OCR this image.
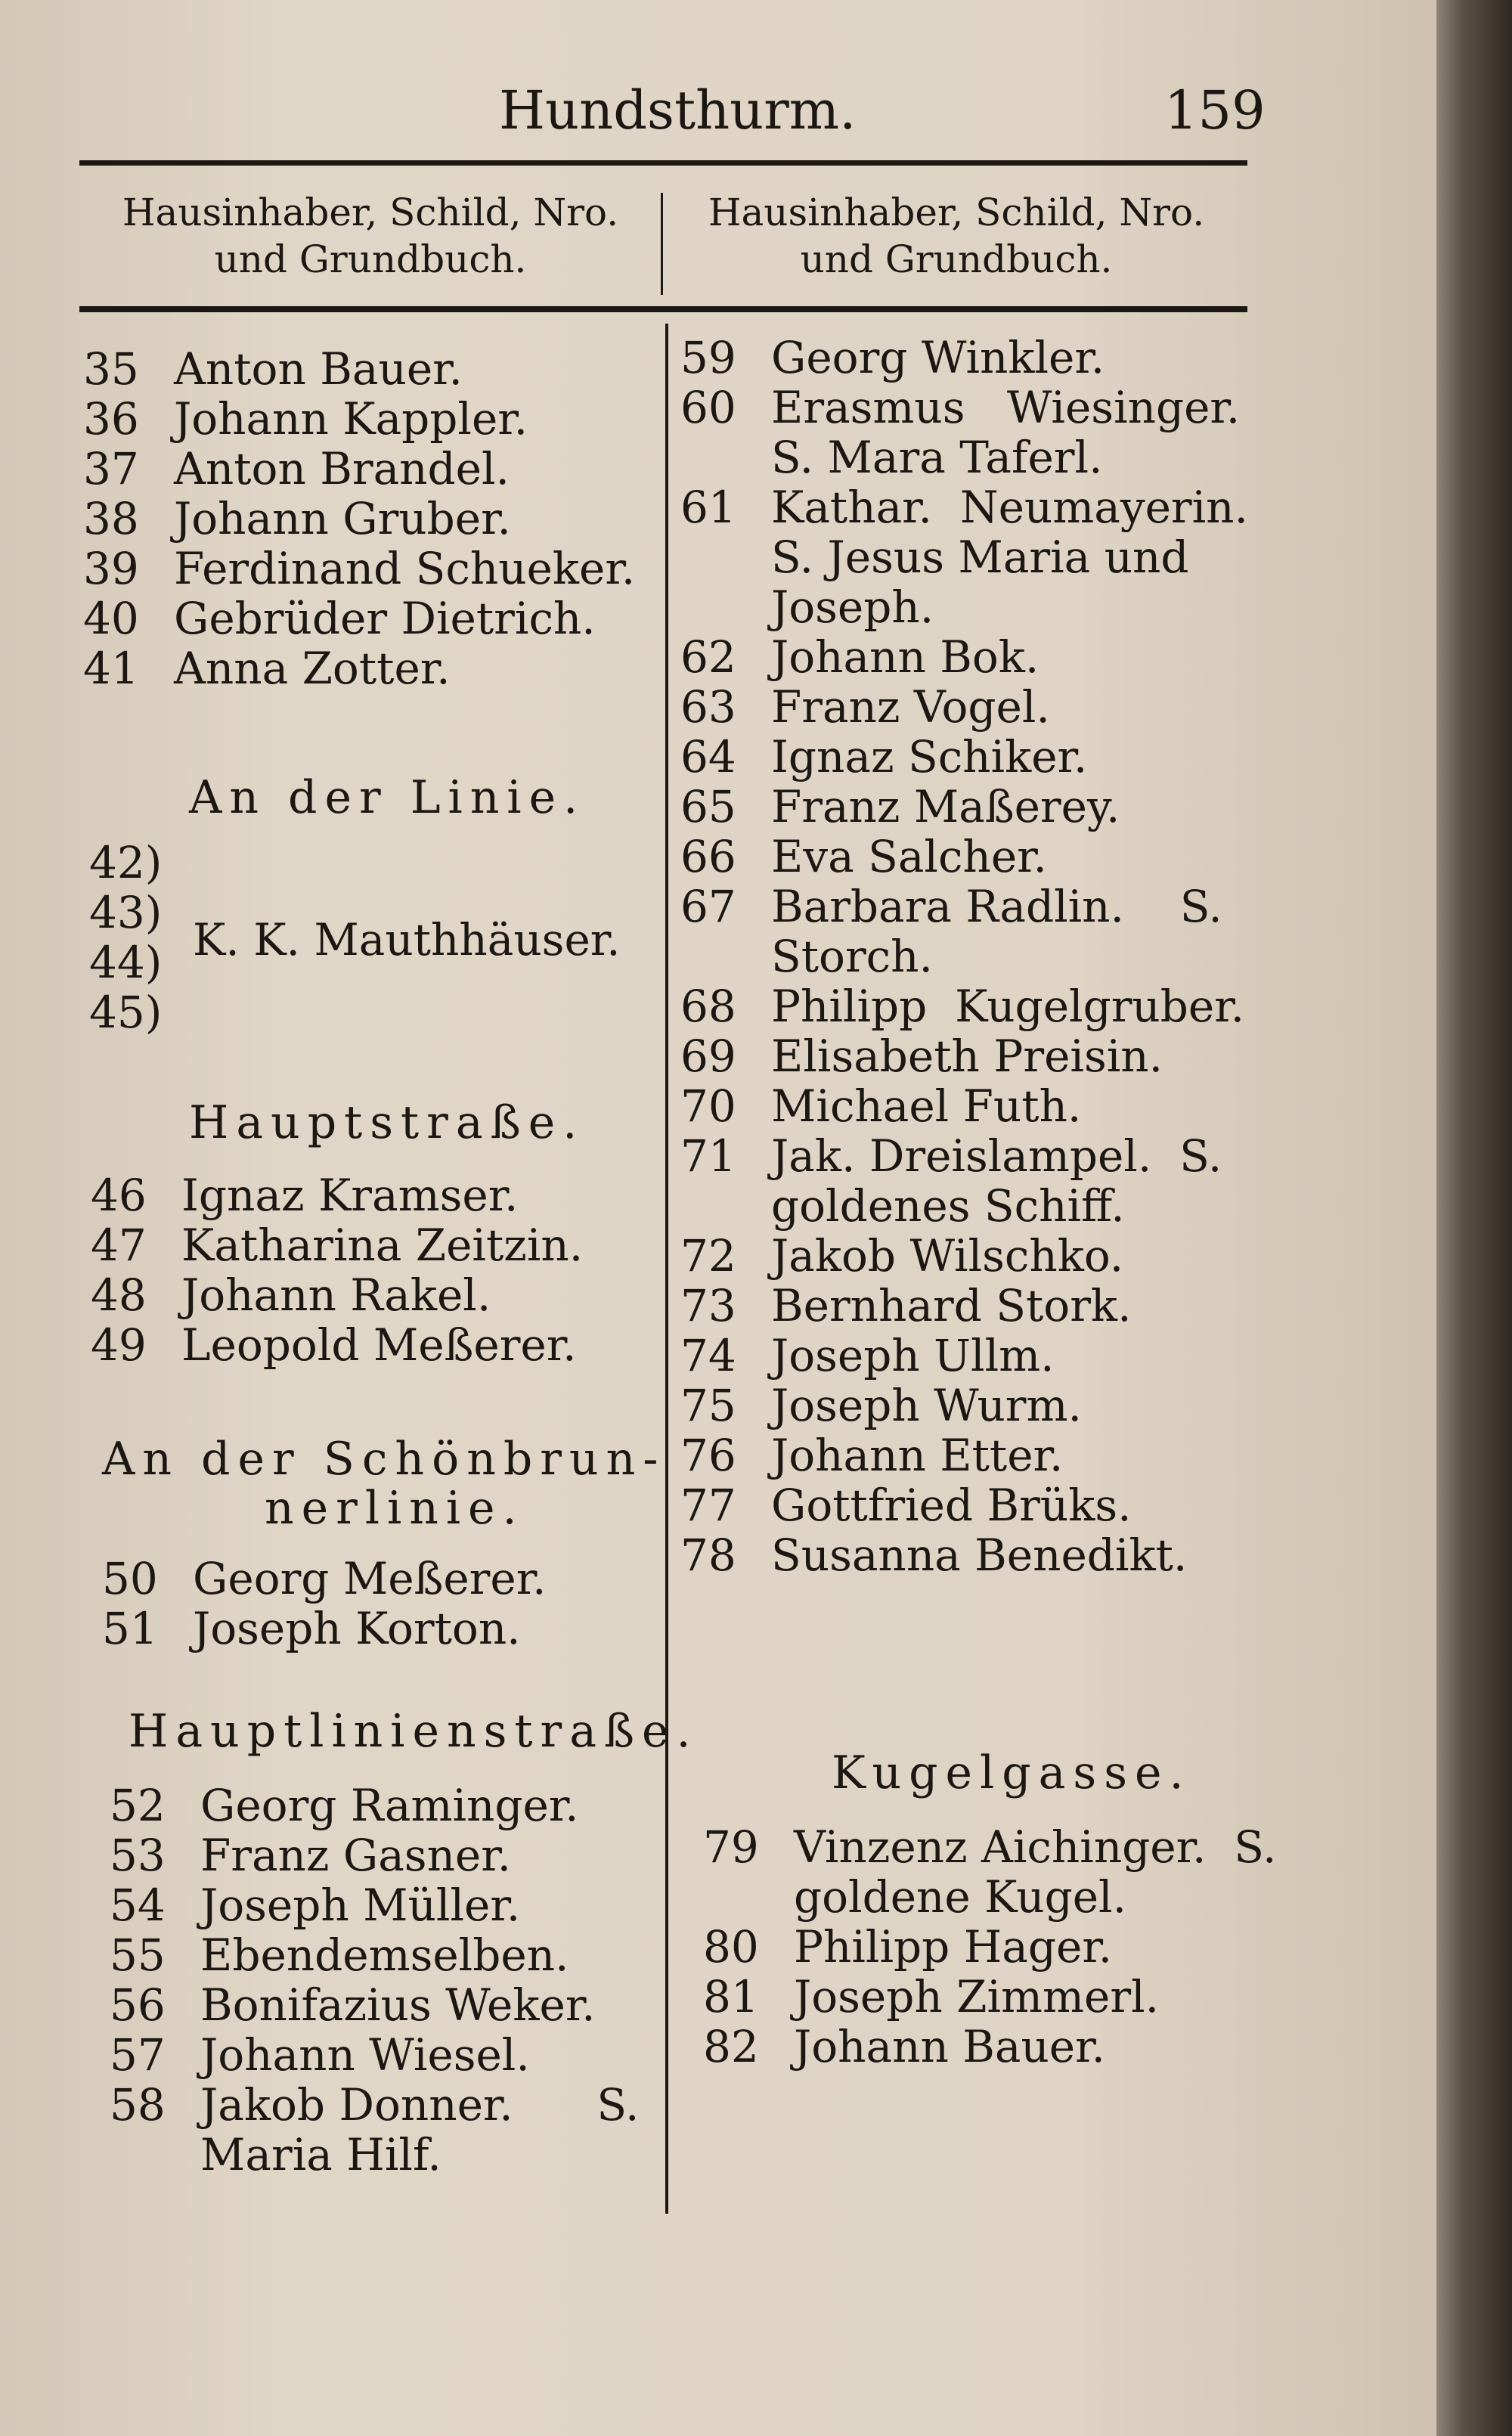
Hundsthurm.	159
Hausinhaber, Schild, Nro.
und Grundbuch.
Hausinhaber, Schild, Nro.
und Grundbuch.
35 Anton Bauer.
36 Johann Kappler.
37 Anton Brandel.
38 Johann Gruber.
39 Ferdinand Schueker.
40 Gebrüder Dietrich.
41 Anna Zotter.
An der Linie.
42)
43)
44)
45)
K. K. Mauthhäuser.
Hauptstraße.
46 Ignaz Kramser.
47 Katharina Zeitzin.
48 Johann Rakel.
49 Leopold Meßerer.
An der Schönbrun-
nerlinie.
50 Georg Meßerer.
51 Joseph Korton.
Hauptlinienstraße.
52 Georg Raminger.
53 Franz Gasner.
54 Joseph Müller.
55 Ebendemselben.
56 Bonifazius Weker.
57 Johann Wiesel.
58 Jakob Donner.      S.
Maria Hilf.
59 Georg Winkler.
60 Erasmus   Wiesinger.
S. Mara Taferl.
61 Kathar.  Neumayerin.
S. Jesus Maria und
Joseph.
62 Johann Bok.
63 Franz Vogel.
64 Ignaz Schiker.
65 Franz Maßerey.
66 Eva Salcher.
67 Barbara Radlin.    S.
Storch.
68 Philipp  Kugelgruber.
69 Elisabeth Preisin.
70 Michael Futh.
71 Jak. Dreislampel.  S.
goldenes Schiff.
72 Jakob Wilschko.
73 Bernhard Stork.
74 Joseph Ullm.
75 Joseph Wurm.
76 Johann Etter.
77 Gottfried Brüks.
78 Susanna Benedikt.
Kugelgasse.
79 Vinzenz Aichinger.  S.
goldene Kugel.
80 Philipp Hager.
81 Joseph Zimmerl.
82 Johann Bauer.
